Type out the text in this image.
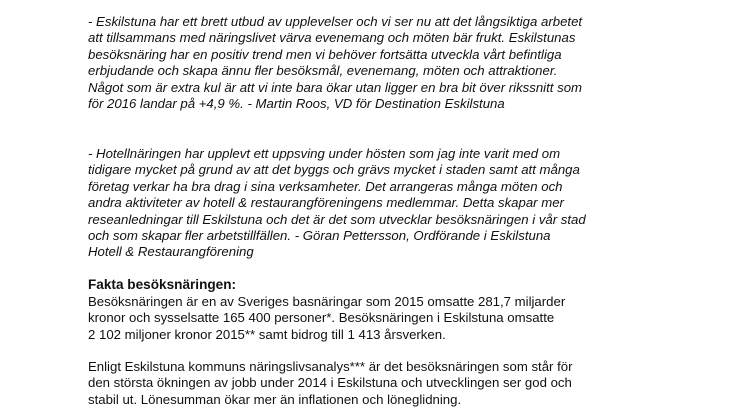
- Eskilstuna har ett brett utbud av upplevelser och vi ser nu att det långsiktiga arbetet
att tillsammans med näringslivet värva evenemang och möten bär frukt. Eskilstunas
besöksnäring har en positiv trend men vi behöver fortsätta utveckla vårt befintliga
erbjudande och skapa ännu fler besöksmål, evenemang, möten och attraktioner.
Något som är extra kul är att vi inte bara ökar utan ligger en bra bit över rikssnitt som
för 2016 landar på +4,9 %. - Martin Roos, VD för Destination Eskilstuna
- Hotellnäringen har upplevt ett uppsving under hösten som jag inte varit med om
tidigare mycket på grund av att det byggs och grävs mycket i staden samt att många
företag verkar ha bra drag i sina verksamheter. Det arrangeras många möten och
andra aktiviteter av hotell & restaurangföreningens medlemmar. Detta skapar mer
reseanledningar till Eskilstuna och det är det som utvecklar besöksnäringen i vår stad
och som skapar fler arbetstillfällen. - Göran Pettersson, Ordförande i Eskilstuna
Hotell & Restaurangförening
Fakta besöksnäringen:
Besöksnäringen är en av Sveriges basnäringar som 2015 omsatte 281,7 miljarder
kronor och sysselsatte 165 400 personer*. Besöksnäringen i Eskilstuna omsatte
2 102 miljoner kronor 2015** samt bidrog till 1 413 årsverken.
Enligt Eskilstuna kommuns näringslivsanalys*** är det besöksnäringen som står för
den största ökningen av jobb under 2014 i Eskilstuna och utvecklingen ser god och
stabil ut. Lönesumman ökar mer än inflationen och löneglidning.
